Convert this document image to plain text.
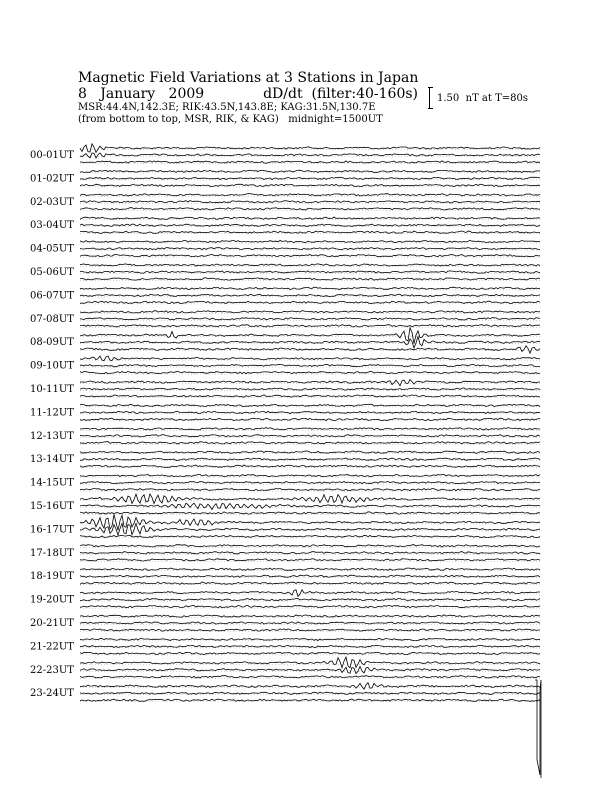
Magnetic Field Variations at 3 Stations in Japan
8   January   2009	dD/dt  (filter:40-160s)
MSR:44.4N,142.3E; RIK:43.5N,143.8E; KAG:31.5N,130.7E
(from bottom to top, MSR, RIK, & KAG)   midnight=1500UT
1.50  nT at T=80s
00-01UT
01-02UT
02-03UT
03-04UT
04-05UT
05-06UT
06-07UT
07-08UT
08-09UT
09-10UT
10-11UT
11-12UT
12-13UT
13-14UT
14-15UT
15-16UT
16-17UT
17-18UT
18-19UT
19-20UT
20-21UT
21-22UT
22-23UT
23-24UT
